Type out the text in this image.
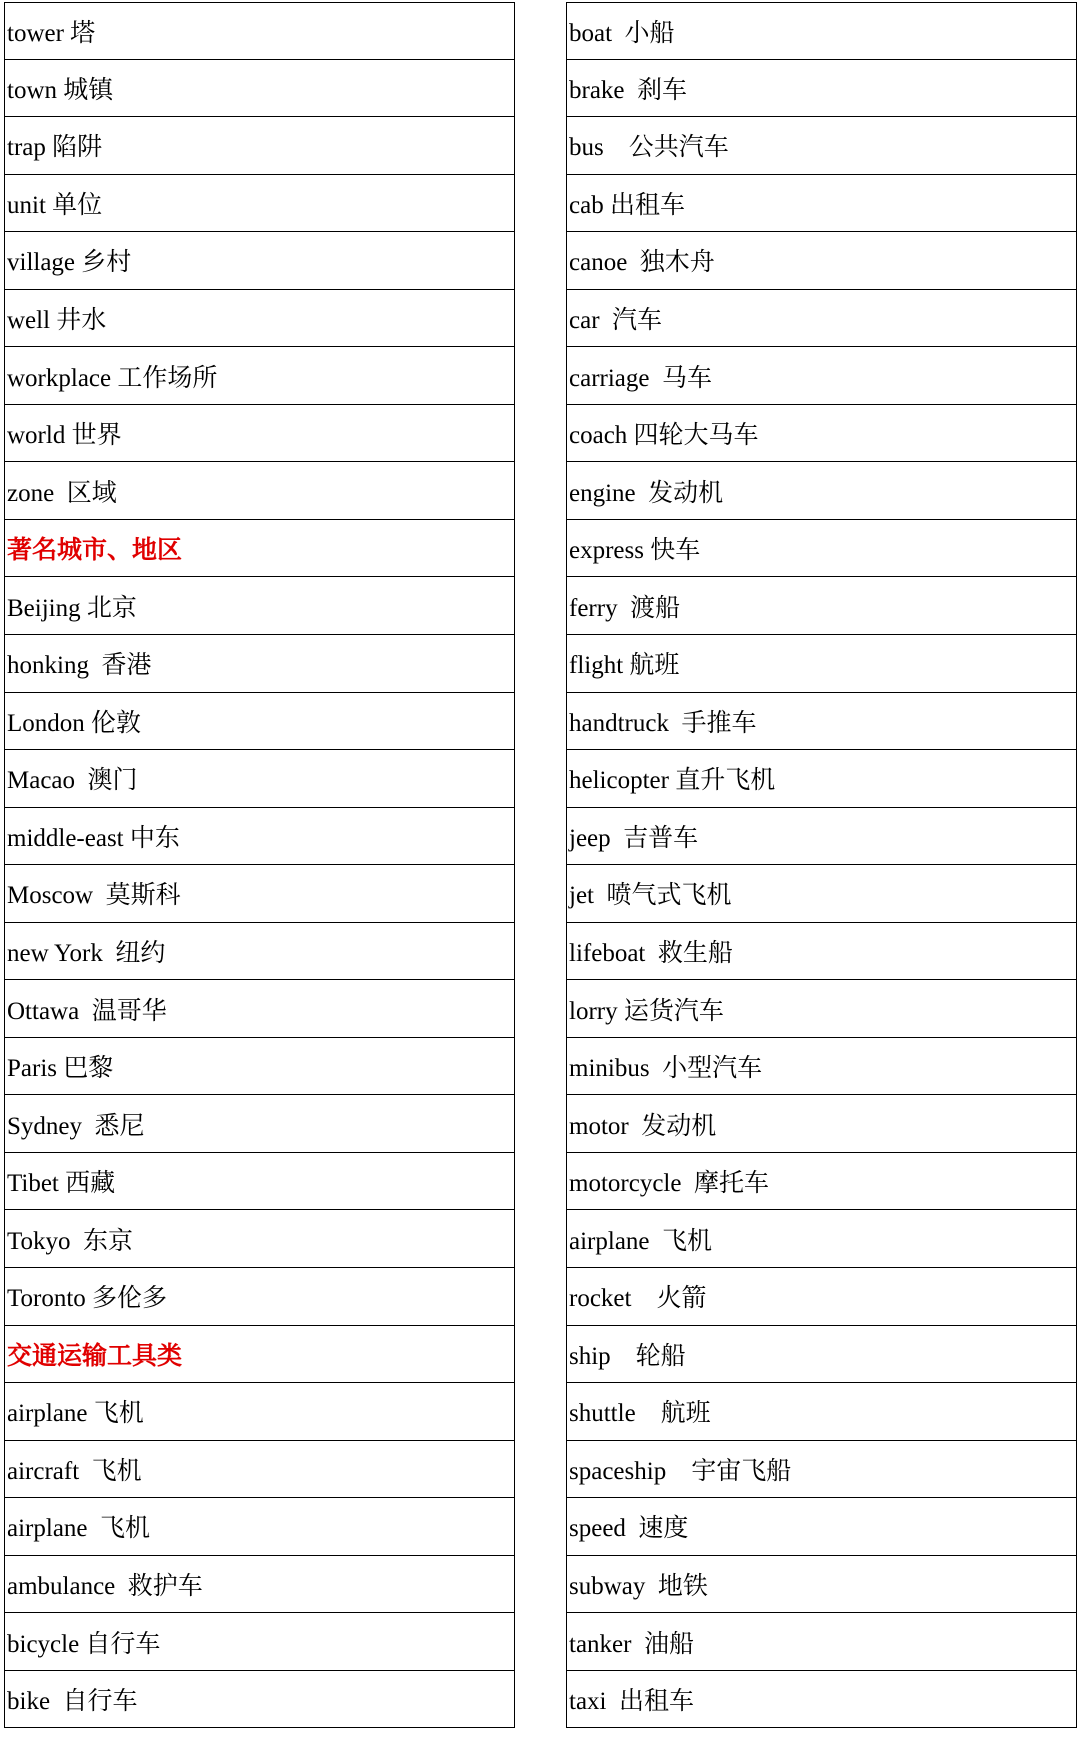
tower 塔
town 城镇
trap 陷阱
unit 单位
village 乡村
well 井水
workplace 工作场所
world 世界
zone  区域
著名城市、地区
Beijing 北京
honking  香港
London 伦敦
Macao  澳门
middle-east 中东
Moscow  莫斯科
new York  纽约
Ottawa  温哥华
Paris 巴黎
Sydney  悉尼
Tibet 西藏
Tokyo  东京
Toronto 多伦多
交通运输工具类
airplane 飞机
aircraft  飞机
airplane  飞机
ambulance  救护车
bicycle 自行车
bike  自行车
boat  小船
brake  刹车
bus    公共汽车
cab 出租车
canoe  独木舟
car  汽车
carriage  马车
coach 四轮大马车
engine  发动机
express 快车
ferry  渡船
flight 航班
handtruck  手推车
helicopter 直升飞机
jeep  吉普车
jet  喷气式飞机
lifeboat  救生船
lorry 运货汽车
minibus  小型汽车
motor  发动机
motorcycle  摩托车
airplane  飞机
rocket    火箭
ship    轮船
shuttle    航班
spaceship    宇宙飞船
speed  速度
subway  地铁
tanker  油船
taxi  出租车
